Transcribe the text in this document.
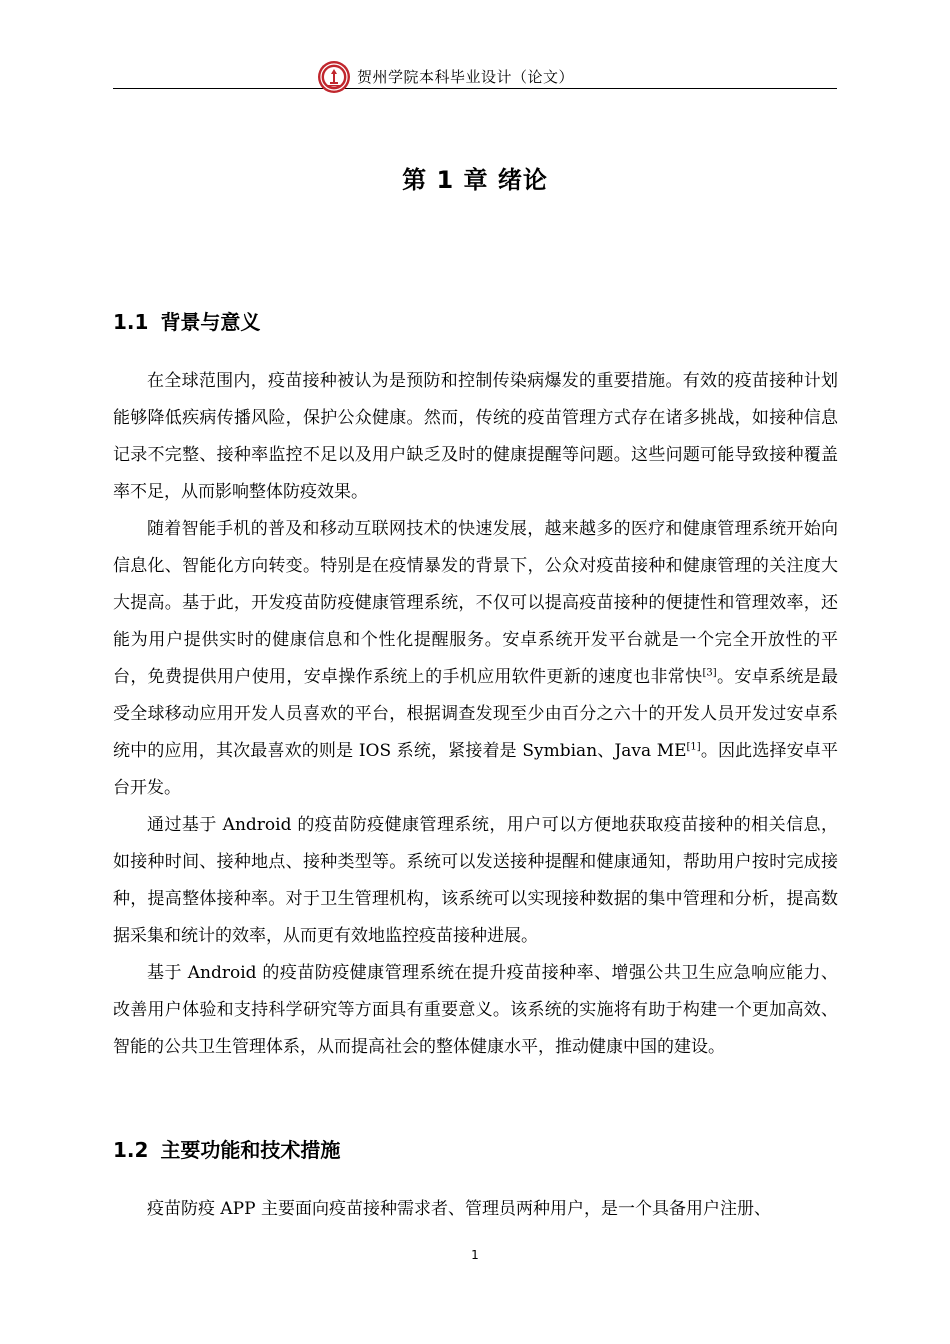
贺州学院本科毕业设计（论文）
第 1 章 绪论
1.1 背景与意义
在全球范围内，疫苗接种被认为是预防和控制传染病爆发的重要措施。有效的疫苗接种计划能够降低疾病传播风险，保护公众健康。然而，传统的疫苗管理方式存在诸多挑战，如接种信息记录不完整、接种率监控不足以及用户缺乏及时的健康提醒等问题。这些问题可能导致接种覆盖率不足，从而影响整体防疫效果。
随着智能手机的普及和移动互联网技术的快速发展，越来越多的医疗和健康管理系统开始向信息化、智能化方向转变。特别是在疫情暴发的背景下，公众对疫苗接种和健康管理的关注度大大提高。基于此，开发疫苗防疫健康管理系统，不仅可以提高疫苗接种的便捷性和管理效率，还能为用户提供实时的健康信息和个性化提醒服务。安卓系统开发平台就是一个完全开放性的平台，免费提供用户使用，安卓操作系统上的手机应用软件更新的速度也非常快[3]。安卓系统是最受全球移动应用开发人员喜欢的平台，根据调查发现至少由百分之六十的开发人员开发过安卓系统中的应用，其次最喜欢的则是 IOS 系统，紧接着是 Symbian、Java ME[1]。因此选择安卓平台开发。
通过基于 Android 的疫苗防疫健康管理系统，用户可以方便地获取疫苗接种的相关信息，如接种时间、接种地点、接种类型等。系统可以发送接种提醒和健康通知，帮助用户按时完成接种，提高整体接种率。对于卫生管理机构，该系统可以实现接种数据的集中管理和分析，提高数据采集和统计的效率，从而更有效地监控疫苗接种进展。
基于 Android 的疫苗防疫健康管理系统在提升疫苗接种率、增强公共卫生应急响应能力、改善用户体验和支持科学研究等方面具有重要意义。该系统的实施将有助于构建一个更加高效、智能的公共卫生管理体系，从而提高社会的整体健康水平，推动健康中国的建设。
1.2 主要功能和技术措施
疫苗防疫 APP 主要面向疫苗接种需求者、管理员两种用户，是一个具备用户注册、
1
